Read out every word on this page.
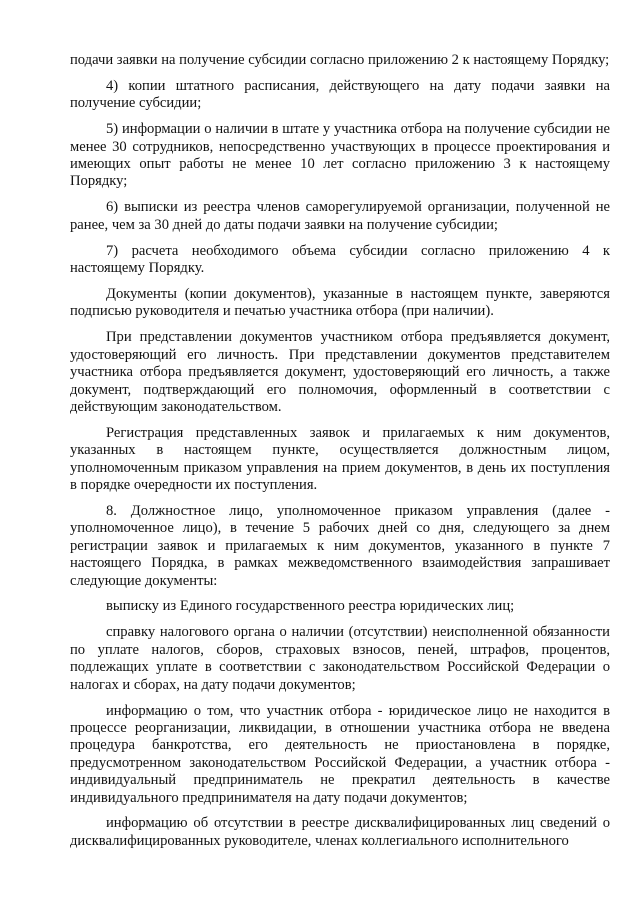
подачи заявки на получение субсидии согласно приложению 2 к настоящему Порядку;

4) копии штатного расписания, действующего на дату подачи заявки на получение субсидии;

5) информации о наличии в штате у участника отбора на получение субсидии не менее 30 сотрудников, непосредственно участвующих в процессе проектирования и имеющих опыт работы не менее 10 лет согласно приложению 3 к настоящему Порядку;

6) выписки из реестра членов саморегулируемой организации, полученной не ранее, чем за 30 дней до даты подачи заявки на получение субсидии;

7) расчета необходимого объема субсидии согласно приложению 4 к настоящему Порядку.

Документы (копии документов), указанные в настоящем пункте, заверяются подписью руководителя и печатью участника отбора (при наличии).

При представлении документов участником отбора предъявляется документ, удостоверяющий его личность. При представлении документов представителем участника отбора предъявляется документ, удостоверяющий его личность, а также документ, подтверждающий его полномочия, оформленный в соответствии с действующим законодательством.

Регистрация представленных заявок и прилагаемых к ним документов, указанных в настоящем пункте, осуществляется должностным лицом, уполномоченным приказом управления на прием документов, в день их поступления в порядке очередности их поступления.

8. Должностное лицо, уполномоченное приказом управления (далее - уполномоченное лицо), в течение 5 рабочих дней со дня, следующего за днем регистрации заявок и прилагаемых к ним документов, указанного в пункте 7 настоящего Порядка, в рамках межведомственного взаимодействия запрашивает следующие документы:

выписку из Единого государственного реестра юридических лиц;

справку налогового органа о наличии (отсутствии) неисполненной обязанности по уплате налогов, сборов, страховых взносов, пеней, штрафов, процентов, подлежащих уплате в соответствии с законодательством Российской Федерации о налогах и сборах, на дату подачи документов;

информацию о том, что участник отбора - юридическое лицо не находится в процессе реорганизации, ликвидации, в отношении участника отбора не введена процедура банкротства, его деятельность не приостановлена в порядке, предусмотренном законодательством Российской Федерации, а участник отбора - индивидуальный предприниматель не прекратил деятельность в качестве индивидуального предпринимателя на дату подачи документов;

информацию об отсутствии в реестре дисквалифицированных лиц сведений о дисквалифицированных руководителе, членах коллегиального исполнительного
